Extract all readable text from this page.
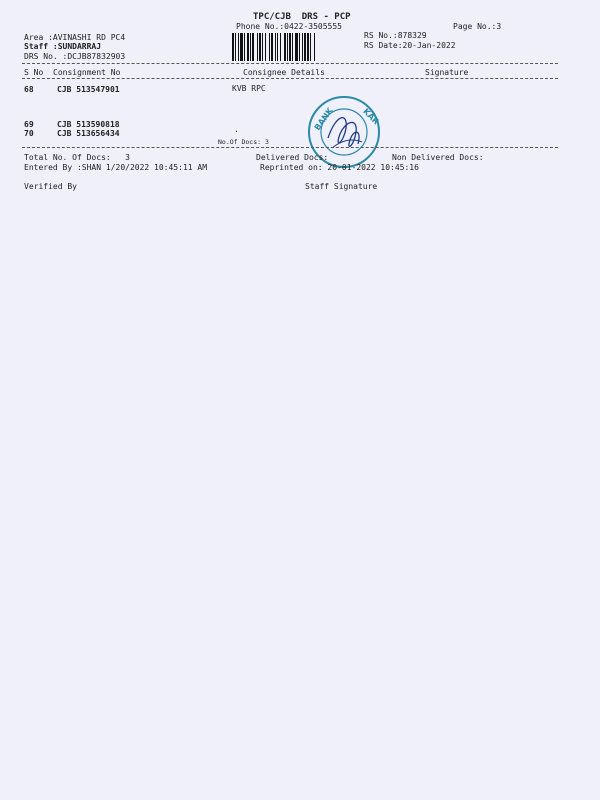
TPC/CJB  DRS - PCP
Phone No.:0422-3505555	Page No.:3
Area :AVINASHI RD PC4
Staff :SUNDARRAJ
DRS No. :DCJB87832903
RS No.:878329
RS Date:20-Jan-2022
S No Consignment No	Consignee Details	Signature
68	CJB 513547901	KVB RPC
69	CJB 513590818
70	CJB 513656434
No.Of Docs: 3
BANK	KAR
.
Total No. Of Docs:   3	Delivered Docs:	Non Delivered Docs:
Entered By :SHAN 1/20/2022 10:45:11 AM	Reprinted on: 20-01-2022 10:45:16
Verified By	Staff Signature
